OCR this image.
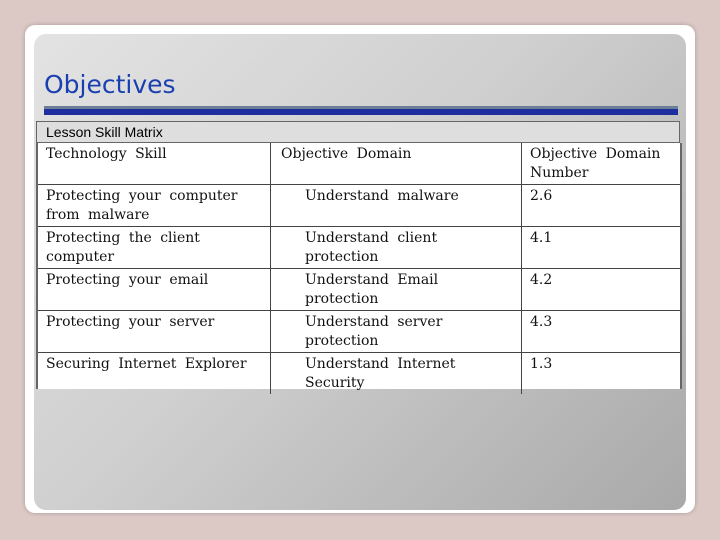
Objectives
Lesson Skill Matrix
Technology Skill	Objective Domain	Objective Domain Number
Protecting your computer from malware	Understand malware	2.6
Protecting the client computer	Understand client protection	4.1
Protecting your email	Understand Email protection	4.2
Protecting your server	Understand server protection	4.3
Securing Internet Explorer	Understand Internet Security	1.3
